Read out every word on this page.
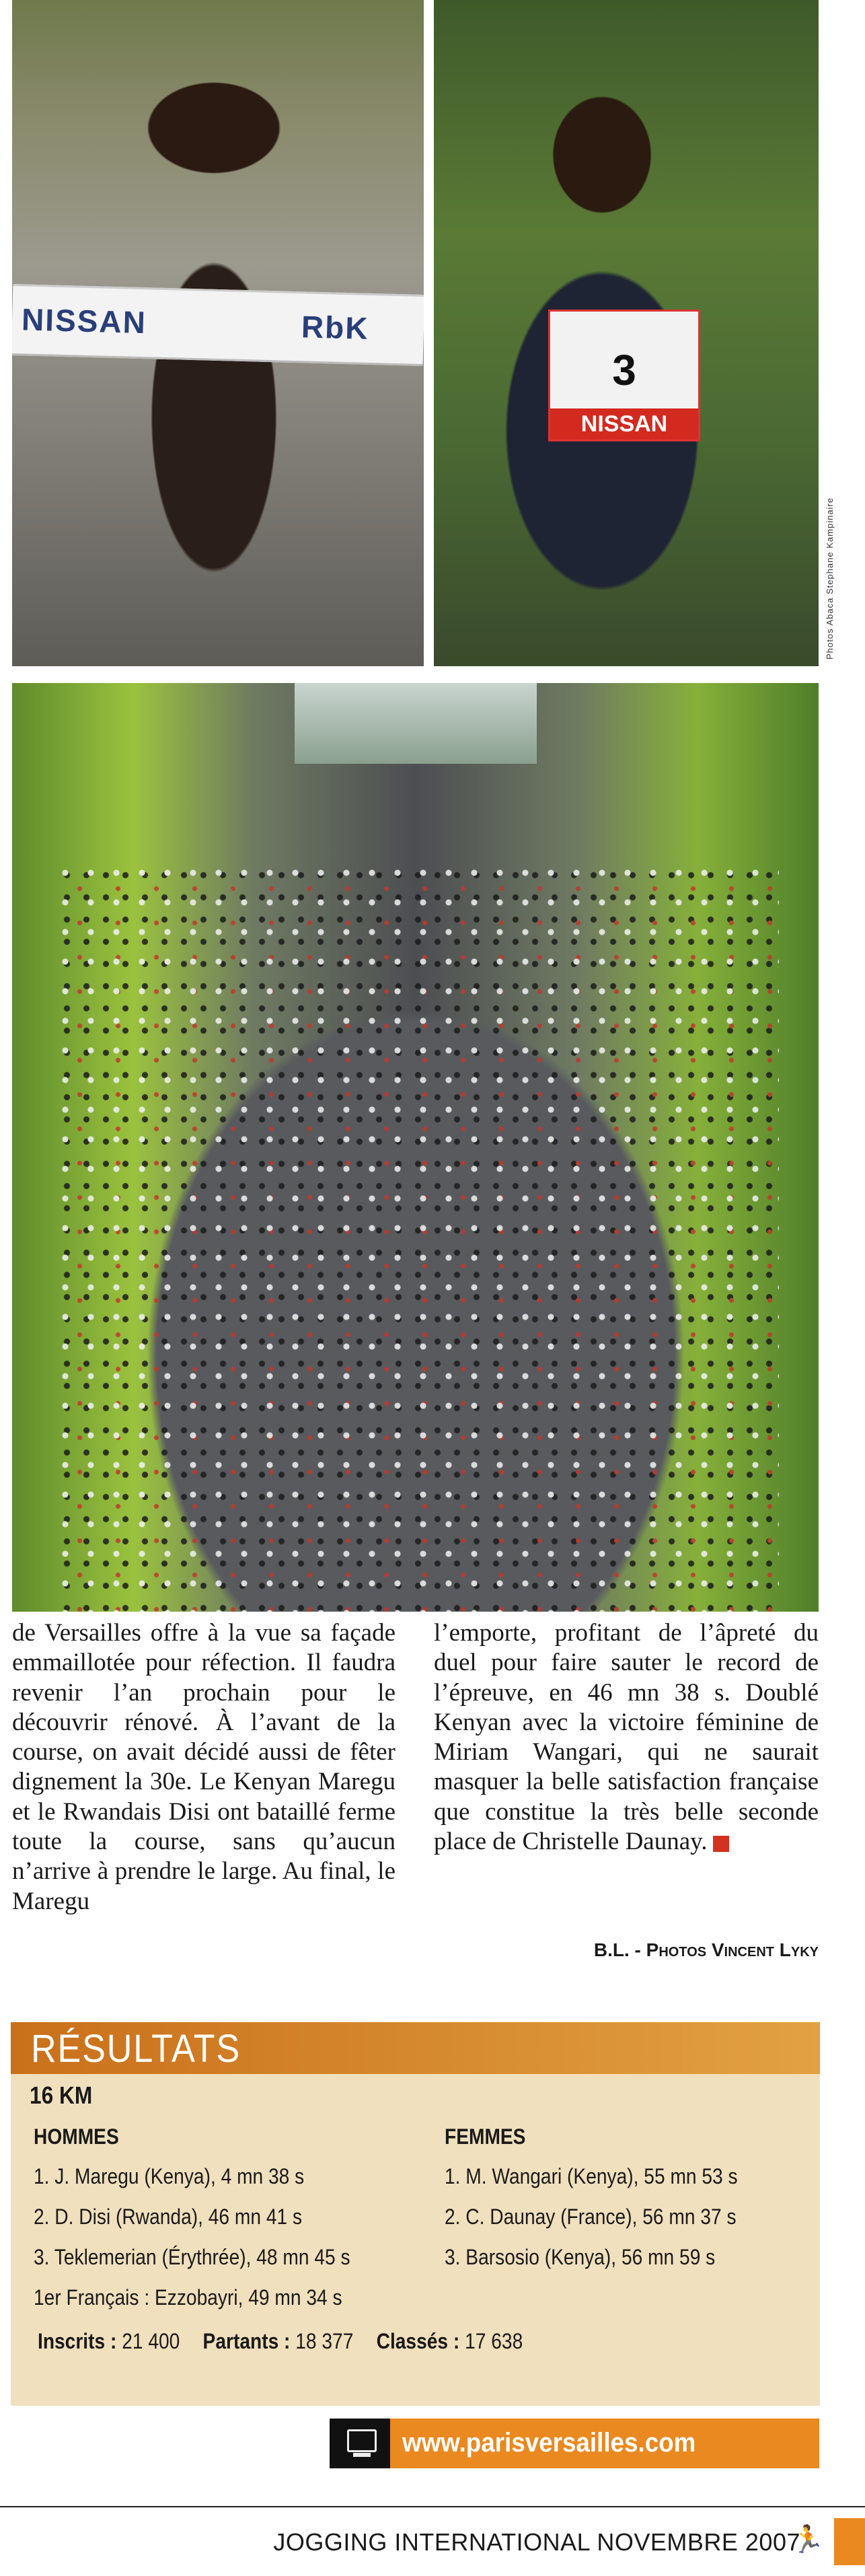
NISSAN	RbK
3
NISSAN
Photos Abaca Stephane Kampinaire
de Versailles offre à la vue sa façade emmaillotée pour réfection. Il faudra revenir l’an prochain pour le découvrir rénové. À l’avant de la course, on avait décidé aussi de fêter dignement la 30e. Le Kenyan Maregu et le Rwandais Disi ont bataillé ferme toute la course, sans qu’aucun n’arrive à prendre le large. Au final, le Maregu
l’emporte, profitant de l’âpreté du duel pour faire sauter le record de l’épreuve, en 46 mn 38 s. Doublé Kenyan avec la victoire féminine de Miriam Wangari, qui ne saurait masquer la belle satisfaction française que constitue la très belle seconde place de Christelle Daunay.
B.L. - Photos Vincent Lyky
RÉSULTATS
16 KM
HOMMES
1. J. Maregu (Kenya), 4 mn 38 s
2. D. Disi (Rwanda), 46 mn 41 s
3. Teklemerian (Érythrée), 48 mn 45 s
1er Français : Ezzobayri, 49 mn 34 s
FEMMES
1. M. Wangari (Kenya), 55 mn 53 s
2. C. Daunay (France), 56 mn 37 s
3. Barsosio (Kenya), 56 mn 59 s
Inscrits : 21 400 Partants : 18 377 Classés : 17 638
www.parisversailles.com
JOGGING INTERNATIONAL NOVEMBRE 2007
🏃
